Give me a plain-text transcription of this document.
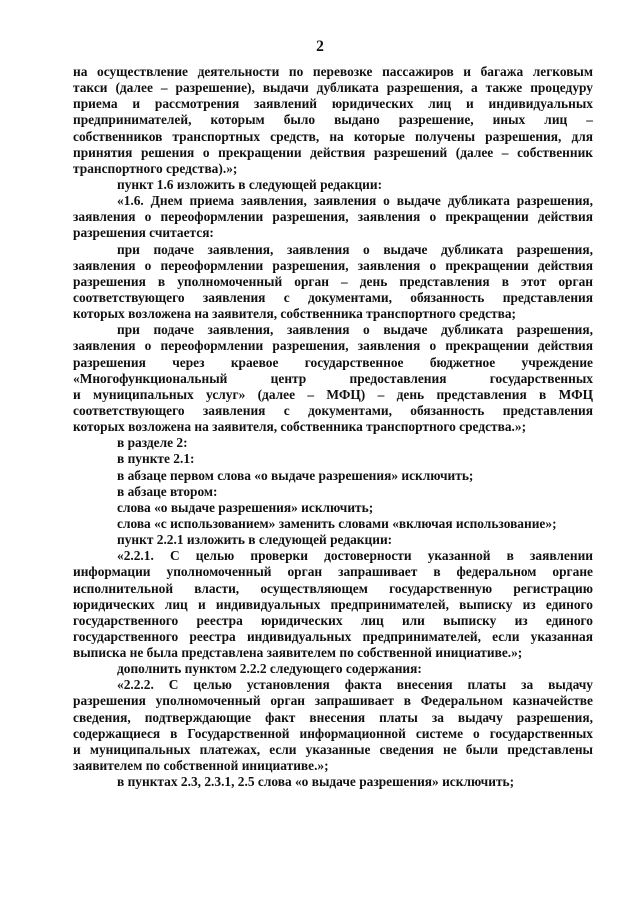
2
на осуществление деятельности по перевозке пассажиров и багажа легковым
такси (далее – разрешение), выдачи дубликата разрешения, а также процедуру
приема и рассмотрения заявлений юридических лиц и индивидуальных
предпринимателей, которым было выдано разрешение, иных лиц –
собственников транспортных средств, на которые получены разрешения, для
принятия решения о прекращении действия разрешений (далее – собственник
транспортного средства).»;
пункт 1.6 изложить в следующей редакции:
«1.6. Днем приема заявления, заявления о выдаче дубликата разрешения,
заявления о переоформлении разрешения, заявления о прекращении действия
разрешения считается:
при подаче заявления, заявления о выдаче дубликата разрешения,
заявления о переоформлении разрешения, заявления о прекращении действия
разрешения в уполномоченный орган – день представления в этот орган
соответствующего заявления с документами, обязанность представления
которых возложена на заявителя, собственника транспортного средства;
при подаче заявления, заявления о выдаче дубликата разрешения,
заявления о переоформлении разрешения, заявления о прекращении действия
разрешения через краевое государственное бюджетное учреждение
«Многофункциональный центр предоставления государственных
и муниципальных услуг» (далее – МФЦ) – день представления в МФЦ
соответствующего заявления с документами, обязанность представления
которых возложена на заявителя, собственника транспортного средства.»;
в разделе 2:
в пункте 2.1:
в абзаце первом слова «о выдаче разрешения» исключить;
в абзаце втором:
слова «о выдаче разрешения» исключить;
слова «с использованием» заменить словами «включая использование»;
пункт 2.2.1 изложить в следующей редакции:
«2.2.1. С целью проверки достоверности указанной в заявлении
информации уполномоченный орган запрашивает в федеральном органе
исполнительной власти, осуществляющем государственную регистрацию
юридических лиц и индивидуальных предпринимателей, выписку из единого
государственного реестра юридических лиц или выписку из единого
государственного реестра индивидуальных предпринимателей, если указанная
выписка не была представлена заявителем по собственной инициативе.»;
дополнить пунктом 2.2.2 следующего содержания:
«2.2.2. С целью установления факта внесения платы за выдачу
разрешения уполномоченный орган запрашивает в Федеральном казначействе
сведения, подтверждающие факт внесения платы за выдачу разрешения,
содержащиеся в Государственной информационной системе о государственных
и муниципальных платежах, если указанные сведения не были представлены
заявителем по собственной инициативе.»;
в пунктах 2.3, 2.3.1, 2.5 слова «о выдаче разрешения» исключить;
